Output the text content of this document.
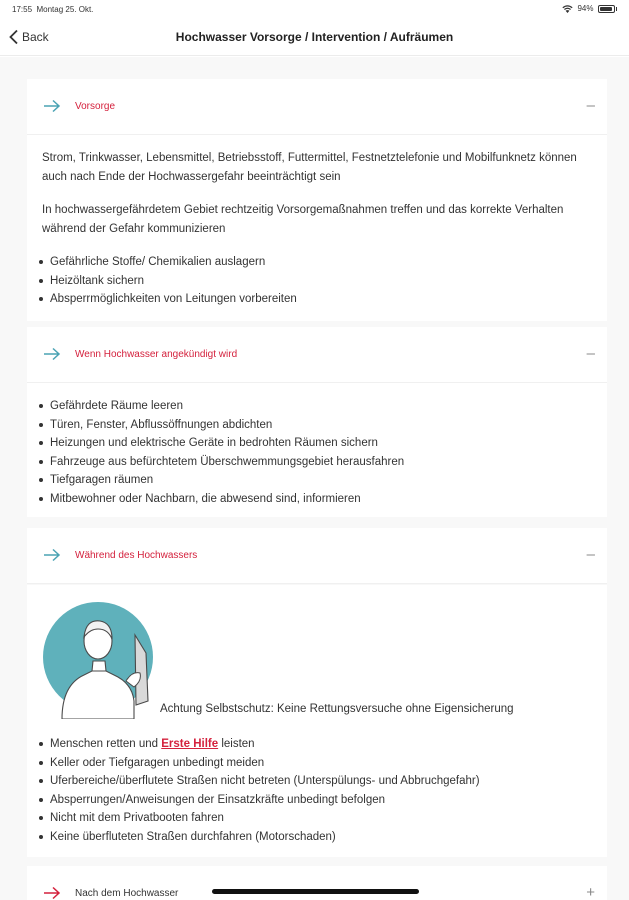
17:55 Montag 25. Okt.	94%
Back	Hochwasser Vorsorge / Intervention / Aufräumen
Vorsorge	–

Strom, Trinkwasser, Lebensmittel, Betriebsstoff, Futtermittel, Festnetztelefonie und Mobilfunknetz können auch nach Ende der Hochwassergefahr beeinträchtigt sein

In hochwassergefährdetem Gebiet rechtzeitig Vorsorgemaßnahmen treffen und das korrekte Verhalten während der Gefahr kommunizieren

Gefährliche Stoffe/ Chemikalien auslagern
Heizöltank sichern
Absperrmöglichkeiten von Leitungen vorbereiten
Wenn Hochwasser angekündigt wird	–
Gefährdete Räume leeren
Türen, Fenster, Abflussöffnungen abdichten
Heizungen und elektrische Geräte in bedrohten Räumen sichern
Fahrzeuge aus befürchtetem Überschwemmungsgebiet herausfahren
Tiefgaragen räumen
Mitbewohner oder Nachbarn, die abwesend sind, informieren
Während des Hochwassers	–
Achtung Selbstschutz: Keine Rettungsversuche ohne Eigensicherung
Menschen retten und Erste Hilfe leisten
Keller oder Tiefgaragen unbedingt meiden
Uferbereiche/überflutete Straßen nicht betreten (Unterspülungs- und Abbruchgefahr)
Absperrungen/Anweisungen der Einsatzkräfte unbedingt befolgen
Nicht mit dem Privatbooten fahren
Keine überfluteten Straßen durchfahren (Motorschaden)
Nach dem Hochwasser	+
